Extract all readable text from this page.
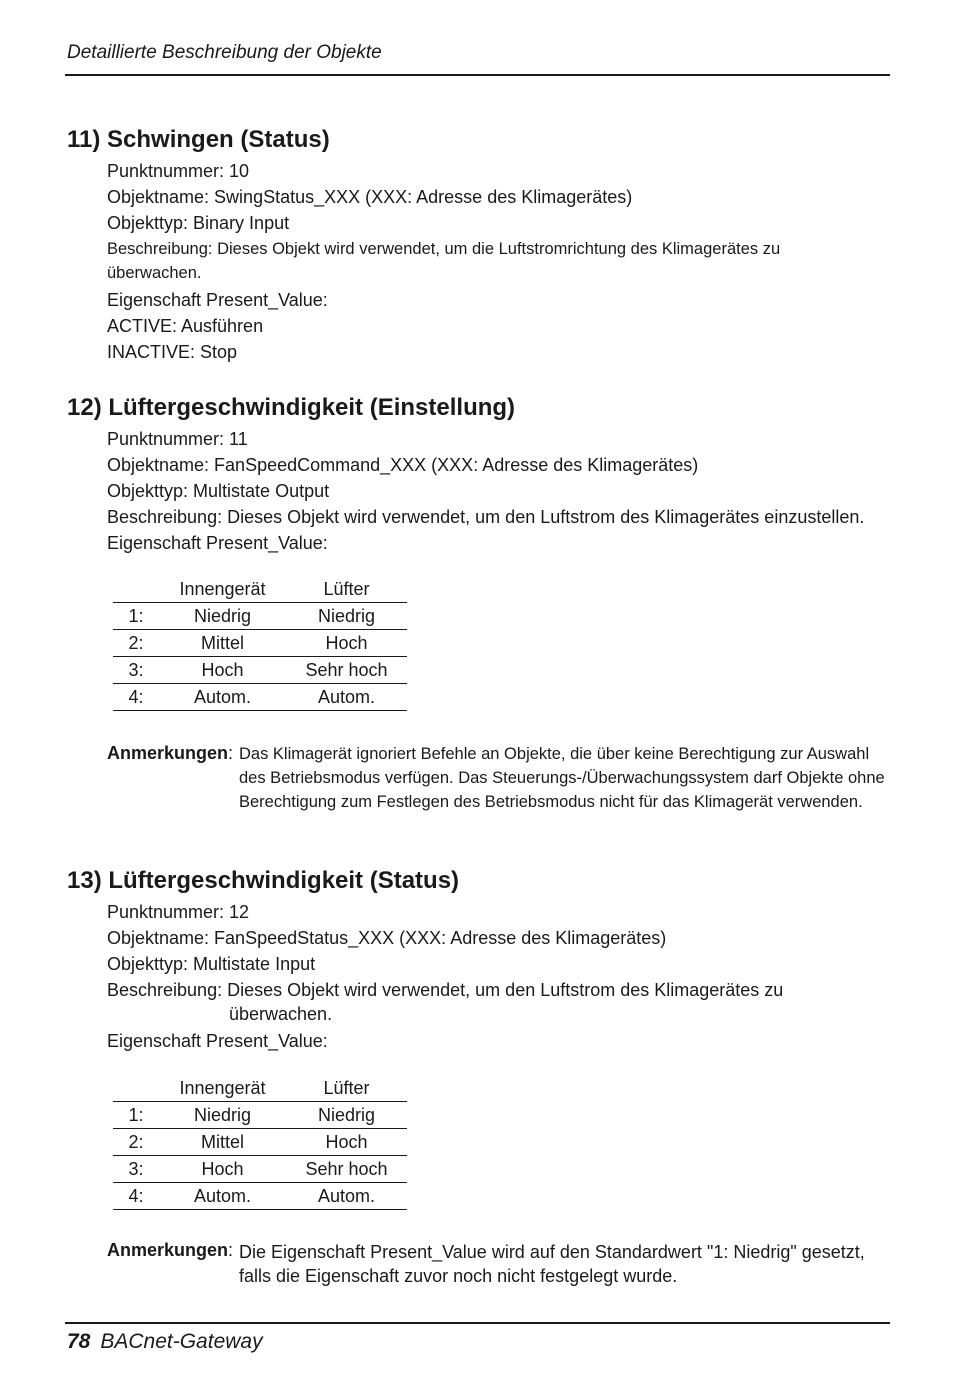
Detaillierte Beschreibung der Objekte
11) Schwingen (Status)
Punktnummer: 10
Objektname: SwingStatus_XXX (XXX: Adresse des Klimagerätes)
Objekttyp: Binary Input
Beschreibung: Dieses Objekt wird verwendet, um die Luftstromrichtung des Klimagerätes zu
überwachen.
Eigenschaft Present_Value:
ACTIVE: Ausführen
INACTIVE: Stop
12) Lüftergeschwindigkeit (Einstellung)
Punktnummer: 11
Objektname: FanSpeedCommand_XXX (XXX: Adresse des Klimagerätes)
Objekttyp: Multistate Output
Beschreibung: Dieses Objekt wird verwendet, um den Luftstrom des Klimagerätes einzustellen.
Eigenschaft Present_Value:
	Innengerät	Lüfter
1:	Niedrig	Niedrig
2:	Mittel	Hoch
3:	Hoch	Sehr hoch
4:	Autom.	Autom.
Anmerkungen: Das Klimagerät ignoriert Befehle an Objekte, die über keine Berechtigung zur Auswahl des Betriebsmodus verfügen. Das Steuerungs-/Überwachungssystem darf Objekte ohne Berechtigung zum Festlegen des Betriebsmodus nicht für das Klimagerät verwenden.
13) Lüftergeschwindigkeit (Status)
Punktnummer: 12
Objektname: FanSpeedStatus_XXX (XXX: Adresse des Klimagerätes)
Objekttyp: Multistate Input
Beschreibung: Dieses Objekt wird verwendet, um den Luftstrom des Klimagerätes zu
überwachen.
Eigenschaft Present_Value:
	Innengerät	Lüfter
1:	Niedrig	Niedrig
2:	Mittel	Hoch
3:	Hoch	Sehr hoch
4:	Autom.	Autom.
Anmerkungen: Die Eigenschaft Present_Value wird auf den Standardwert "1: Niedrig" gesetzt, falls die Eigenschaft zuvor noch nicht festgelegt wurde.
78 BACnet-Gateway
